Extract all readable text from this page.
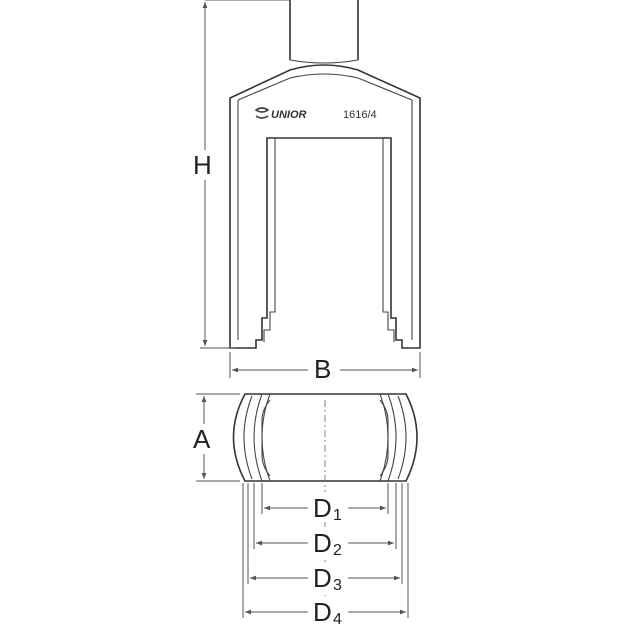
UNIOR	1616/4
H
B
A
D 1
D 2
D 3
D 4
